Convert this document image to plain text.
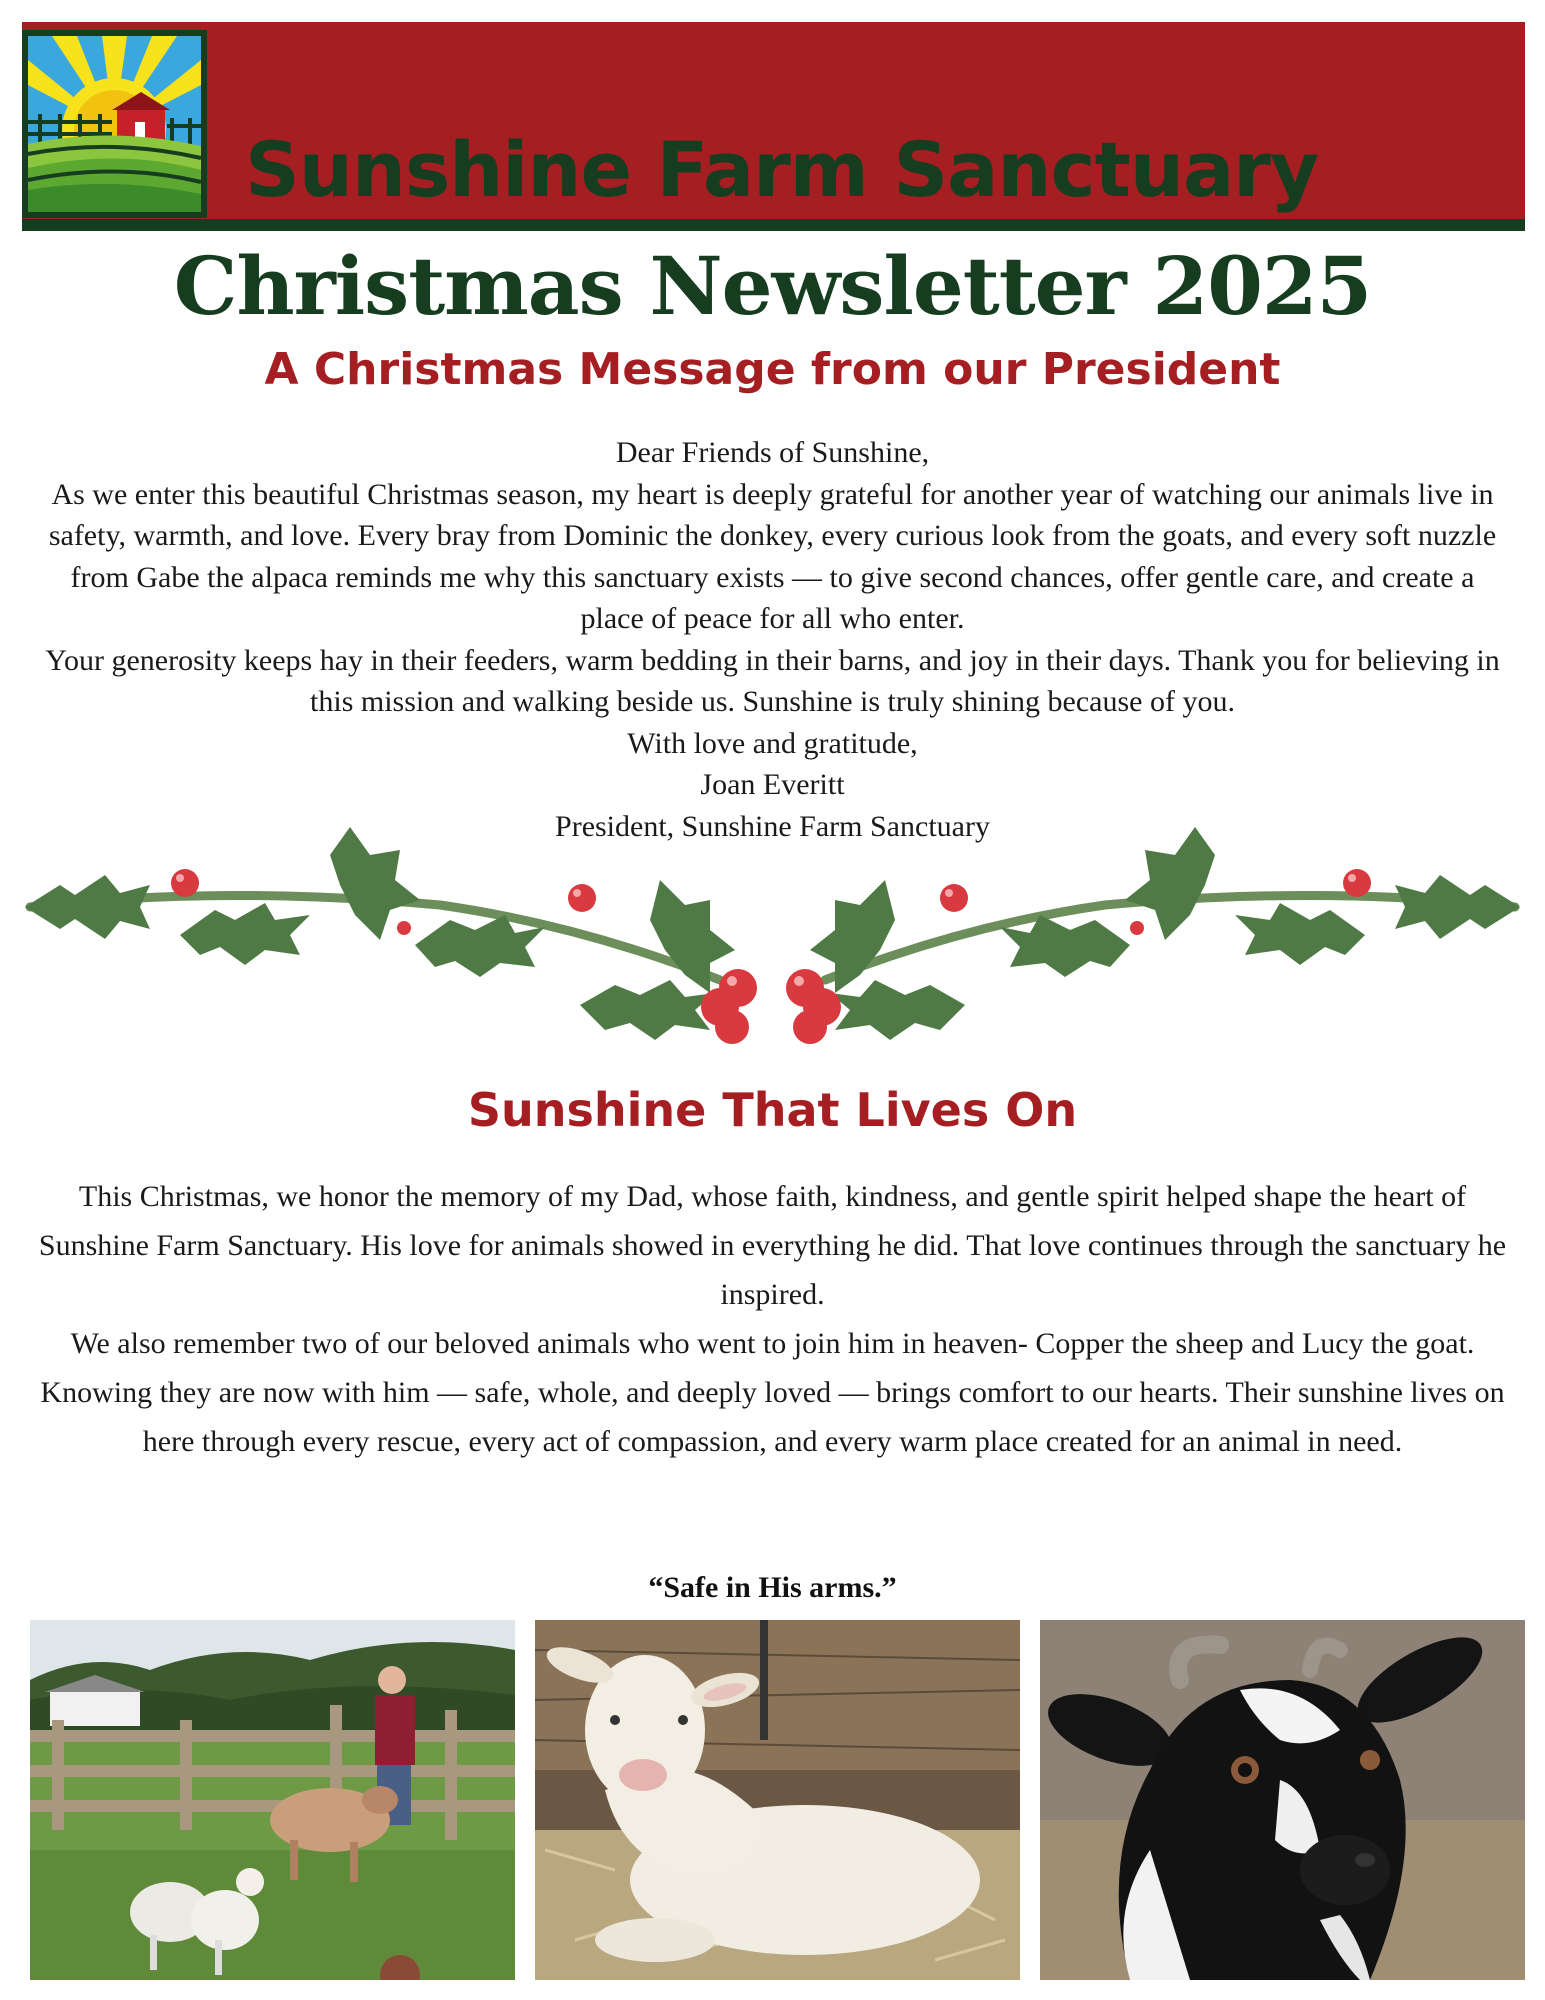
Sunshine Farm Sanctuary
Christmas Newsletter 2025
A Christmas Message from our President

Dear Friends of Sunshine,

As we enter this beautiful Christmas season, my heart is deeply grateful for another year of watching our animals live in safety, warmth, and love. Every bray from Dominic the donkey, every curious look from the goats, and every soft nuzzle from Gabe the alpaca reminds me why this sanctuary exists — to give second chances, offer gentle care, and create a place of peace for all who enter.

Your generosity keeps hay in their feeders, warm bedding in their barns, and joy in their days. Thank you for believing in this mission and walking beside us. Sunshine is truly shining because of you.

With love and gratitude,

Joan Everitt

President, Sunshine Farm Sanctuary

Sunshine That Lives On

This Christmas, we honor the memory of my Dad, whose faith, kindness, and gentle spirit helped shape the heart of Sunshine Farm Sanctuary. His love for animals showed in everything he did. That love continues through the sanctuary he inspired.

We also remember two of our beloved animals who went to join him in heaven- Copper the sheep and Lucy the goat.

Knowing they are now with him — safe, whole, and deeply loved — brings comfort to our hearts. Their sunshine lives on here through every rescue, every act of compassion, and every warm place created for an animal in need.

“Safe in His arms.”
